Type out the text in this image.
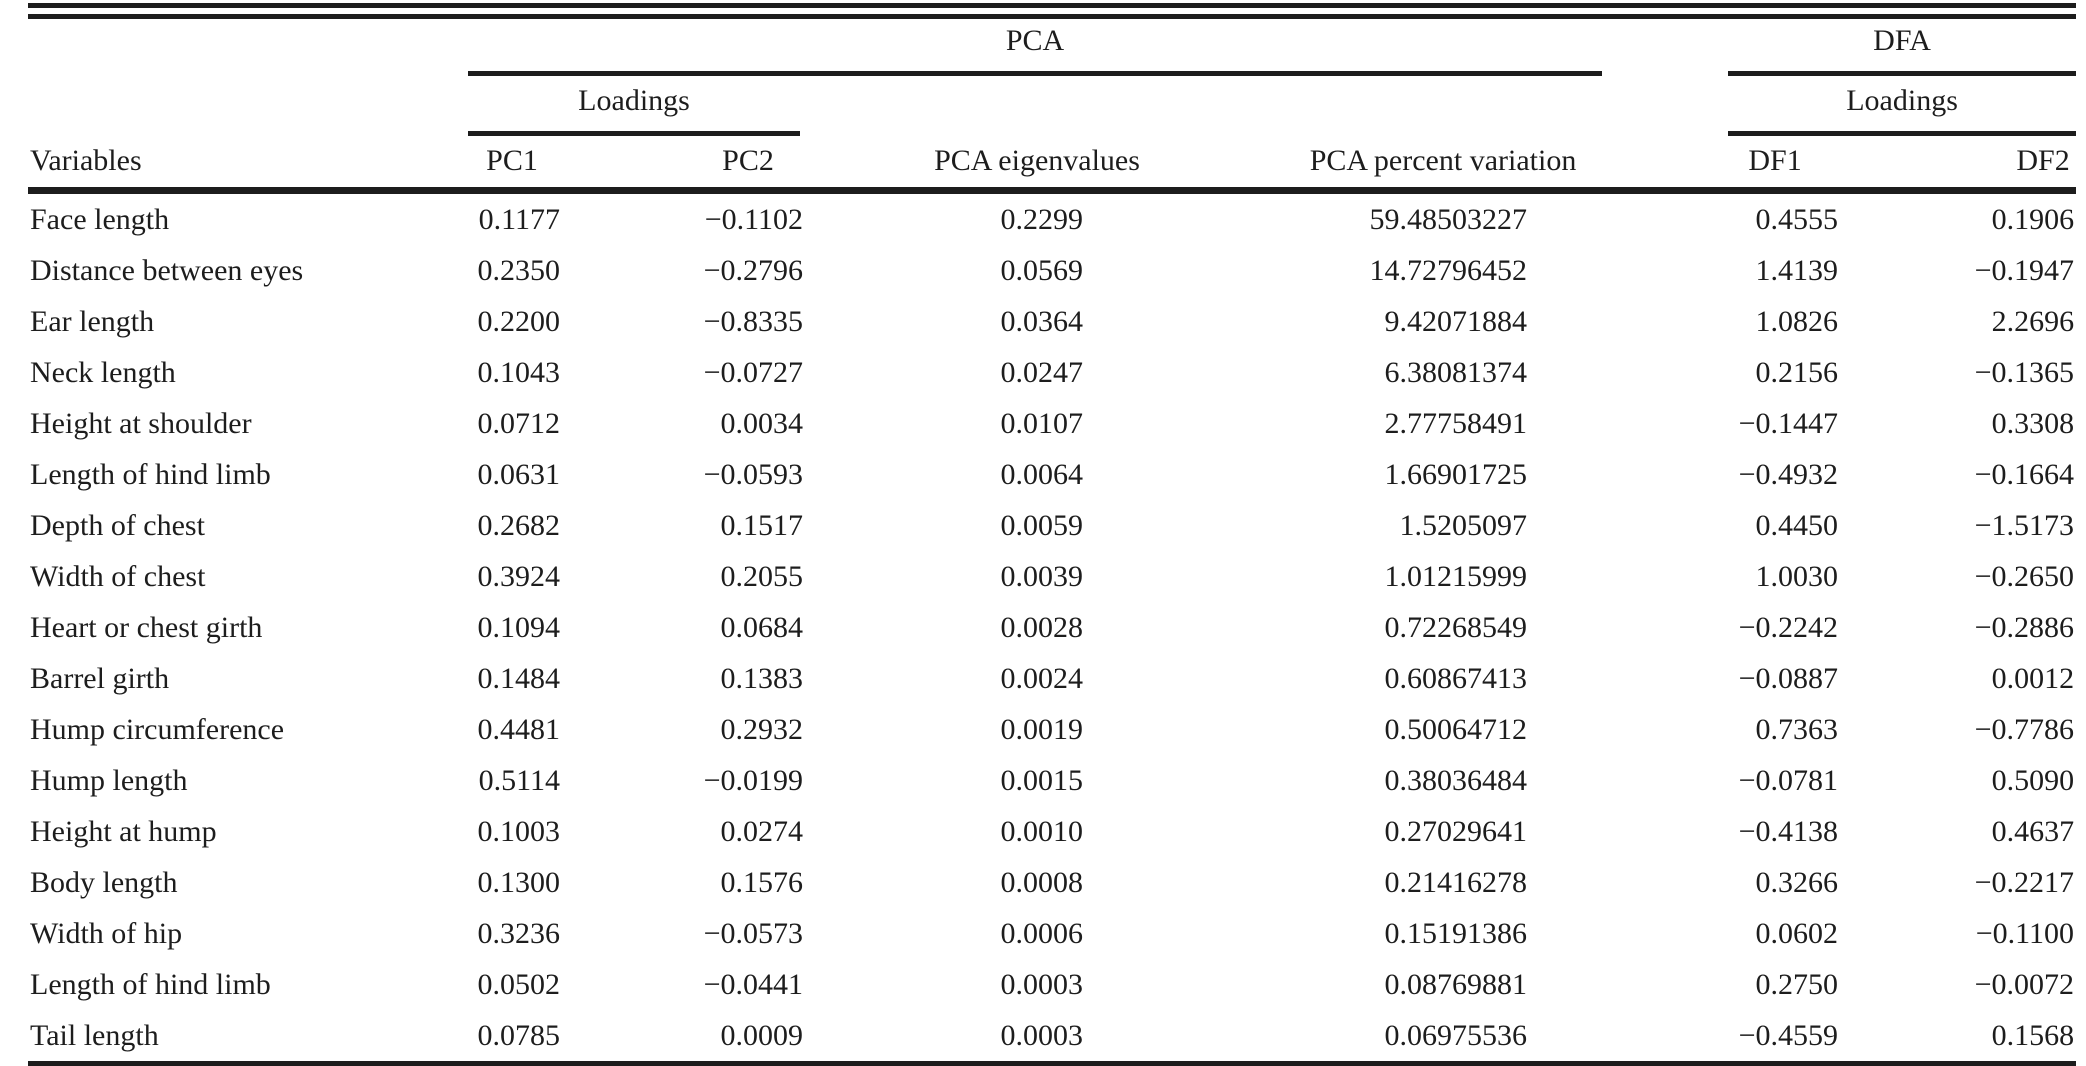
	PCA				DFA	

	Loadings				Loadings	

Variables	PC1	PC2	PCA eigenvalues	PCA percent variation	DF1	DF2
Face length	0.1177	−0.1102	0.2299	59.48503227	0.4555	0.1906
Distance between eyes	0.2350	−0.2796	0.0569	14.72796452	1.4139	−0.1947
Ear length	0.2200	−0.8335	0.0364	9.42071884	1.0826	2.2696
Neck length	0.1043	−0.0727	0.0247	6.38081374	0.2156	−0.1365
Height at shoulder	0.0712	0.0034	0.0107	2.77758491	−0.1447	0.3308
Length of hind limb	0.0631	−0.0593	0.0064	1.66901725	−0.4932	−0.1664
Depth of chest	0.2682	0.1517	0.0059	1.5205097	0.4450	−1.5173
Width of chest	0.3924	0.2055	0.0039	1.01215999	1.0030	−0.2650
Heart or chest girth	0.1094	0.0684	0.0028	0.72268549	−0.2242	−0.2886
Barrel girth	0.1484	0.1383	0.0024	0.60867413	−0.0887	0.0012
Hump circumference	0.4481	0.2932	0.0019	0.50064712	0.7363	−0.7786
Hump length	0.5114	−0.0199	0.0015	0.38036484	−0.0781	0.5090
Height at hump	0.1003	0.0274	0.0010	0.27029641	−0.4138	0.4637
Body length	0.1300	0.1576	0.0008	0.21416278	0.3266	−0.2217
Width of hip	0.3236	−0.0573	0.0006	0.15191386	0.0602	−0.1100
Length of hind limb	0.0502	−0.0441	0.0003	0.08769881	0.2750	−0.0072
Tail length	0.0785	0.0009	0.0003	0.06975536	−0.4559	0.1568
